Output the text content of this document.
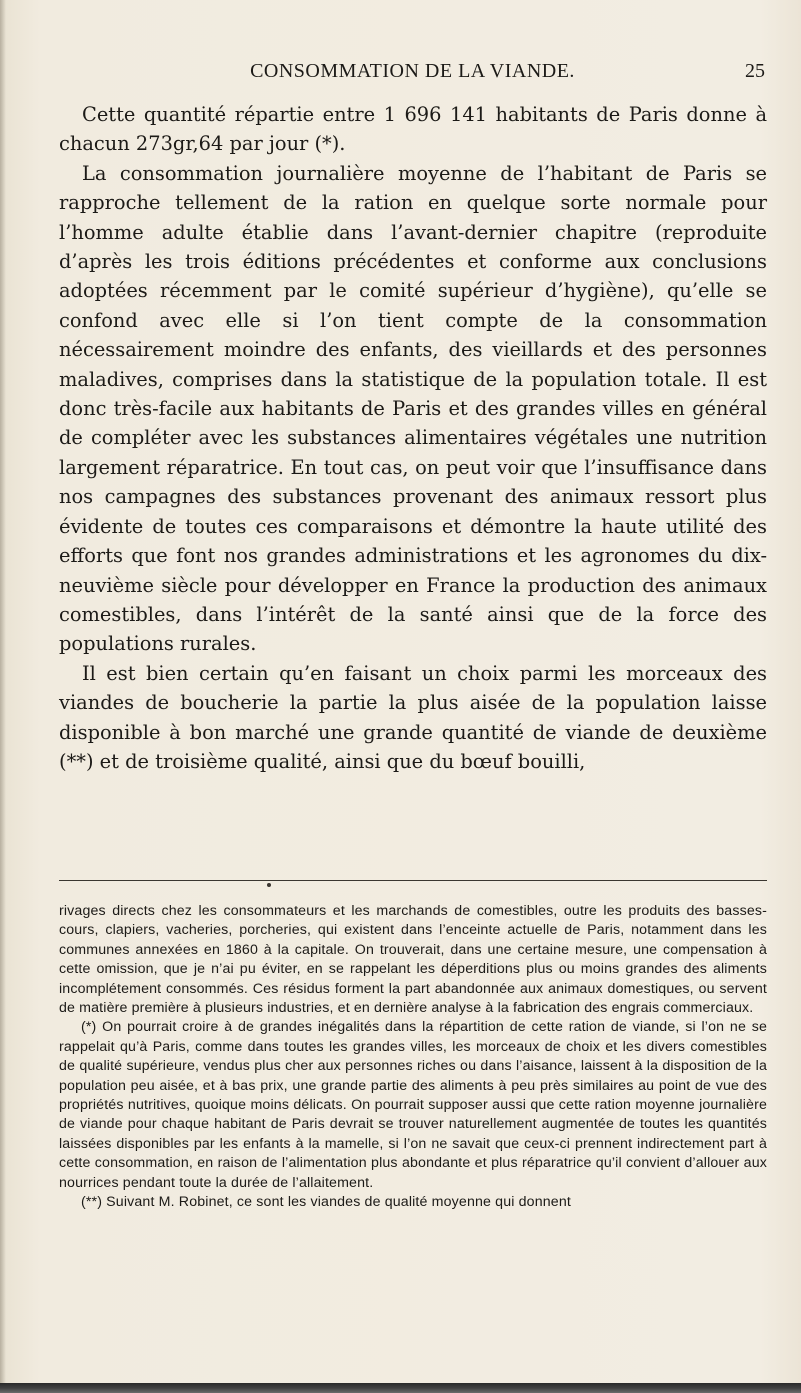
CONSOMMATION DE LA VIANDE.	25

Cette quantité répartie entre 1 696 141 habitants de Paris donne à chacun 273gr,64 par jour (*).

La consommation journalière moyenne de l’habitant de Paris se rapproche tellement de la ration en quelque sorte normale pour l’homme adulte établie dans l’avant-dernier chapitre (reproduite d’après les trois éditions précédentes et conforme aux conclusions adoptées récemment par le comité supérieur d’hygiène), qu’elle se confond avec elle si l’on tient compte de la consommation nécessairement moindre des enfants, des vieillards et des personnes maladives, comprises dans la statistique de la population totale. Il est donc très-facile aux habitants de Paris et des grandes villes en général de compléter avec les substances alimentaires végétales une nutrition largement réparatrice. En tout cas, on peut voir que l’insuffisance dans nos campagnes des substances provenant des animaux ressort plus évidente de toutes ces comparaisons et démontre la haute utilité des efforts que font nos grandes administrations et les agronomes du dix-neuvième siècle pour développer en France la production des animaux comestibles, dans l’intérêt de la santé ainsi que de la force des populations rurales.

Il est bien certain qu’en faisant un choix parmi les morceaux des viandes de boucherie la partie la plus aisée de la population laisse disponible à bon marché une grande quantité de viande de deuxième (**) et de troisième qualité, ainsi que du bœuf bouilli,

rivages directs chez les consommateurs et les marchands de comestibles, outre les produits des basses-cours, clapiers, vacheries, porcheries, qui existent dans l’enceinte actuelle de Paris, notamment dans les communes annexées en 1860 à la capitale. On trouverait, dans une certaine mesure, une compensation à cette omission, que je n’ai pu éviter, en se rappelant les déperditions plus ou moins grandes des aliments incomplétement consommés. Ces résidus forment la part abandonnée aux animaux domestiques, ou servent de matière première à plusieurs industries, et en dernière analyse à la fabrication des engrais commerciaux.

(*) On pourrait croire à de grandes inégalités dans la répartition de cette ration de viande, si l’on ne se rappelait qu’à Paris, comme dans toutes les grandes villes, les morceaux de choix et les divers comestibles de qualité supérieure, vendus plus cher aux personnes riches ou dans l’aisance, laissent à la disposition de la population peu aisée, et à bas prix, une grande partie des aliments à peu près similaires au point de vue des propriétés nutritives, quoique moins délicats. On pourrait supposer aussi que cette ration moyenne journalière de viande pour chaque habitant de Paris devrait se trouver naturellement augmentée de toutes les quantités laissées disponibles par les enfants à la mamelle, si l’on ne savait que ceux-ci prennent indirectement part à cette consommation, en raison de l’alimentation plus abondante et plus réparatrice qu’il convient d’allouer aux nourrices pendant toute la durée de l’allaitement.

(**) Suivant M. Robinet, ce sont les viandes de qualité moyenne qui donnent
